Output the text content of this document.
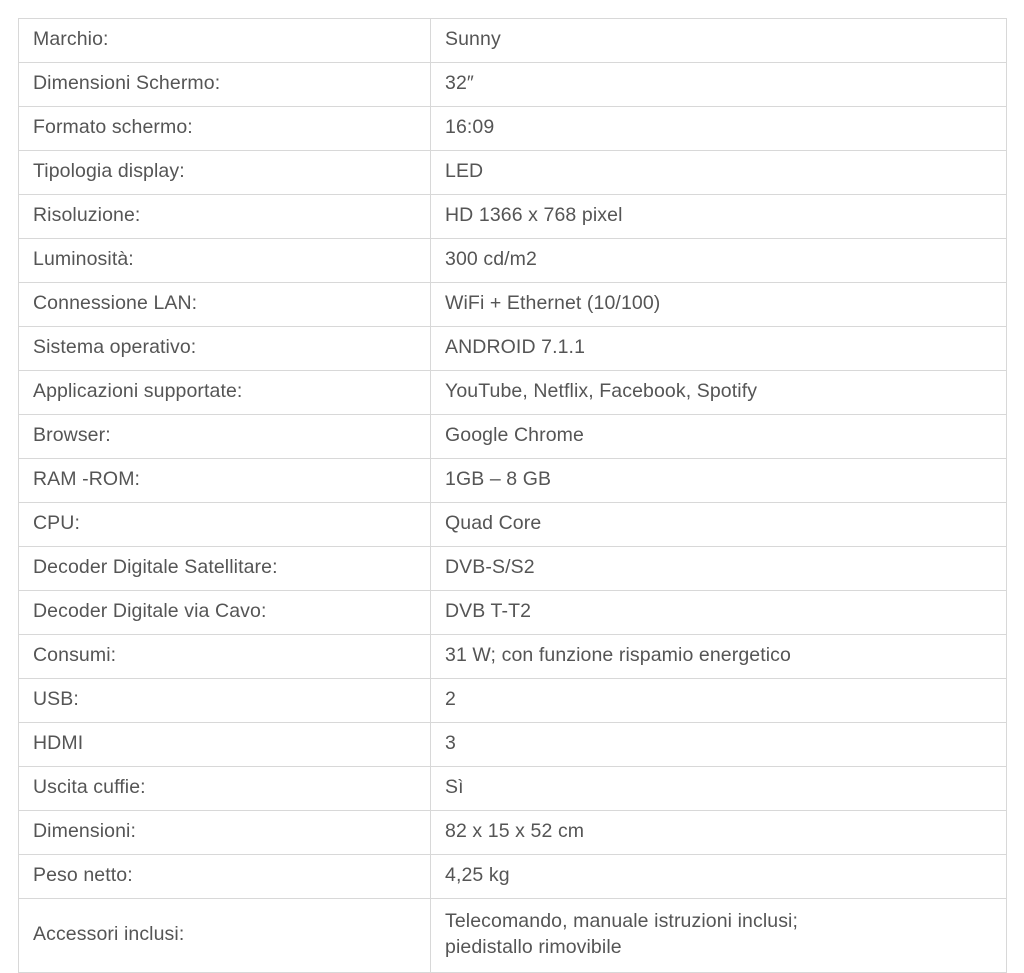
Marchio:	Sunny
Dimensioni Schermo:	32″
Formato schermo:	16:09
Tipologia display:	LED
Risoluzione:	HD 1366 x 768 pixel
Luminosità:	300 cd/m2
Connessione LAN:	WiFi + Ethernet (10/100)
Sistema operativo:	ANDROID 7.1.1
Applicazioni supportate:	YouTube, Netflix, Facebook, Spotify
Browser:	Google Chrome
RAM -ROM:	1GB – 8 GB
CPU:	Quad Core
Decoder Digitale Satellitare:	DVB-S/S2
Decoder Digitale via Cavo:	DVB T-T2
Consumi:	31 W; con funzione rispamio energetico
USB:	2
HDMI	3
Uscita cuffie:	Sì
Dimensioni:	82 x 15 x 52 cm
Peso netto:	4,25 kg
Accessori inclusi:	Telecomando, manuale istruzioni inclusi;
piedistallo rimovibile
